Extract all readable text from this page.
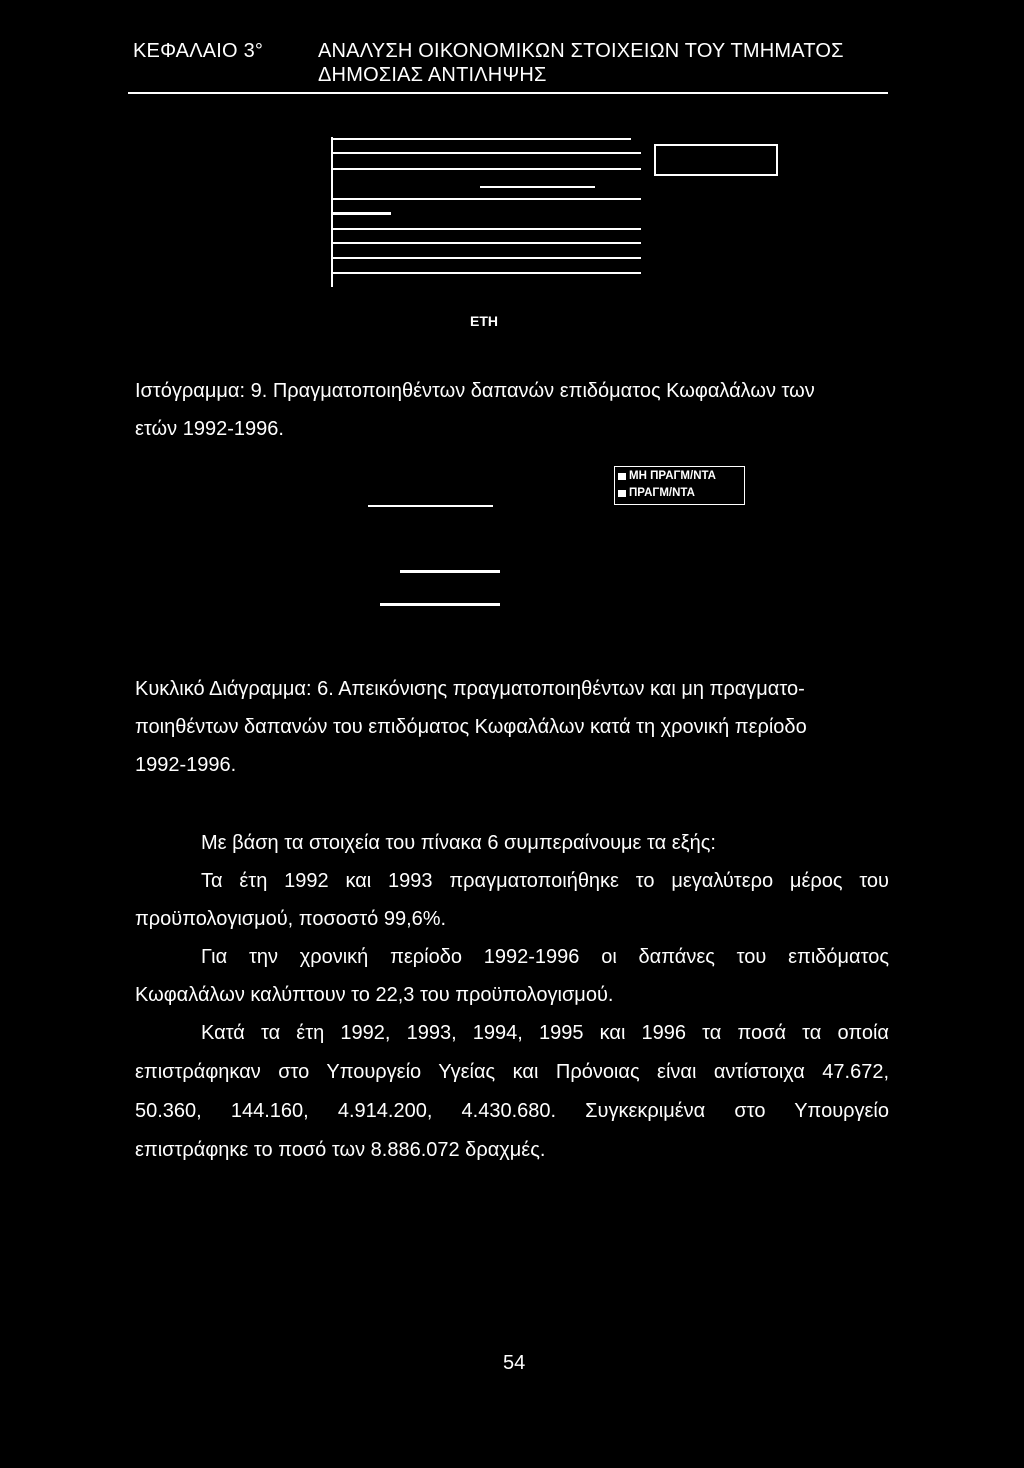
ΚΕΦΑΛΑΙΟ 3°	ΑΝΑΛΥΣΗ ΟΙΚΟΝΟΜΙΚΩΝ ΣΤΟΙΧΕΙΩΝ ΤΟΥ ΤΜΗΜΑΤΟΣ
ΔΗΜΟΣΙΑΣ ΑΝΤΙΛΗΨΗΣ
ΕΤΗ
Ιστόγραμμα: 9. Πραγματοποιηθέντων δαπανών επιδόματος Κωφαλάλων των
ετών 1992-1996.
ΜΗ ΠΡΑΓΜ/ΝΤΑ
ΠΡΑΓΜ/ΝΤΑ
Κυκλικό Διάγραμμα: 6. Απεικόνισης πραγματοποιηθέντων και μη πραγματο-
ποιηθέντων δαπανών του επιδόματος Κωφαλάλων κατά τη χρονική περίοδο
1992-1996.
Με βάση τα στοιχεία του πίνακα 6 συμπεραίνουμε τα εξής:
Τα έτη 1992 και 1993 πραγματοποιήθηκε το μεγαλύτερο μέρος του
προϋπολογισμού, ποσοστό 99,6%.
Για την χρονική περίοδο 1992-1996 οι δαπάνες του επιδόματος
Κωφαλάλων καλύπτουν το 22,3 του προϋπολογισμού.
Κατά τα έτη 1992, 1993, 1994, 1995 και 1996 τα ποσά τα οποία
επιστράφηκαν στο Υπουργείο Υγείας και Πρόνοιας είναι αντίστοιχα 47.672,
50.360, 144.160, 4.914.200, 4.430.680. Συγκεκριμένα στο Υπουργείο
επιστράφηκε το ποσό των 8.886.072 δραχμές.
54
